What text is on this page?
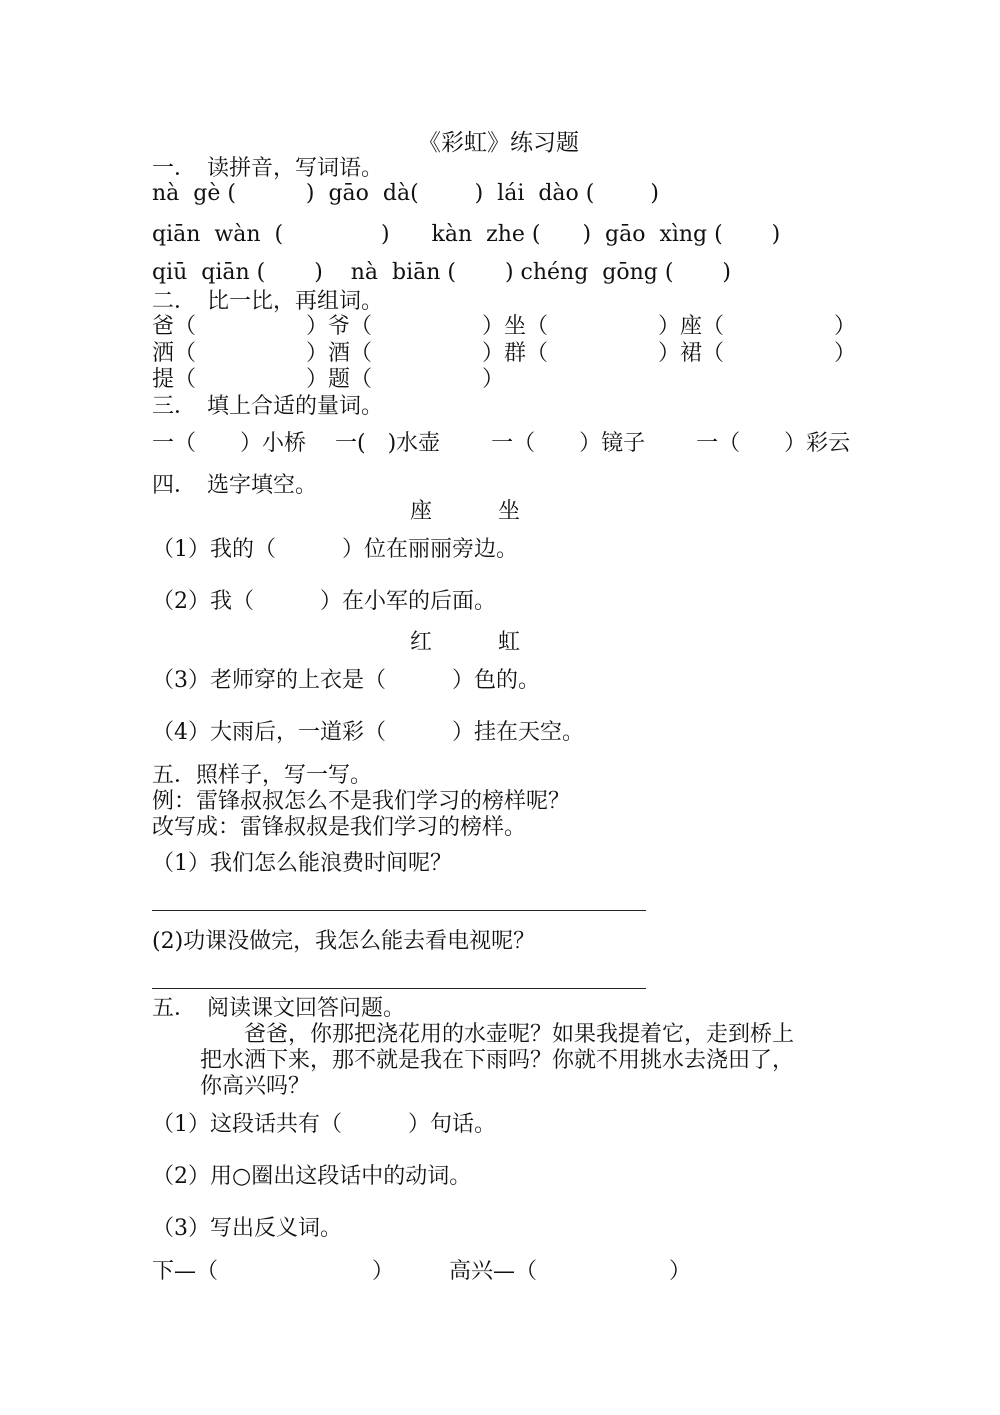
《彩虹》练习题
一．　读拼音，写词语。
nà  gè (          )  gāo  dà(        )  lái  dào (        )
qiān  wàn  (              )      kàn  zhe (      )  gāo  xìng (       )
qiū  qiān (       )    nà  biān (       ) chéng  gōng (       )
二．　比一比，再组词。
爸（　　　　　）爷（　　　　　）坐（　　　　　）座（　　　　　）
洒（　　　　　）酒（　　　　　）群（　　　　　）裙（　　　　　）
提（　　　　　）题（　　　　　）
三．　填上合适的量词。
一（　　）小桥　 一(　)水壶　　 一（　　）镜子　　 一（　　）彩云
四．　选字填空。
座　　　坐
（1）我的（　　　）位在丽丽旁边。
（2）我（　　　）在小军的后面。
红　　　虹
（3）老师穿的上衣是（　　　）色的。
（4）大雨后，一道彩（　　　）挂在天空。
五．照样子，写一写。
例：雷锋叔叔怎么不是我们学习的榜样呢？
改写成：雷锋叔叔是我们学习的榜样。
（1）我们怎么能浪费时间呢？
(2)功课没做完，我怎么能去看电视呢？
五．　阅读课文回答问题。
　　爸爸，你那把浇花用的水壶呢？如果我提着它，走到桥上
把水洒下来，那不就是我在下雨吗？你就不用挑水去浇田了，
你高兴吗？
（1）这段话共有（　　　）句话。
（2）用○圈出这段话中的动词。
（3）写出反义词。
下—（　　　　　　　）　　　高兴—（　　　　　　）
